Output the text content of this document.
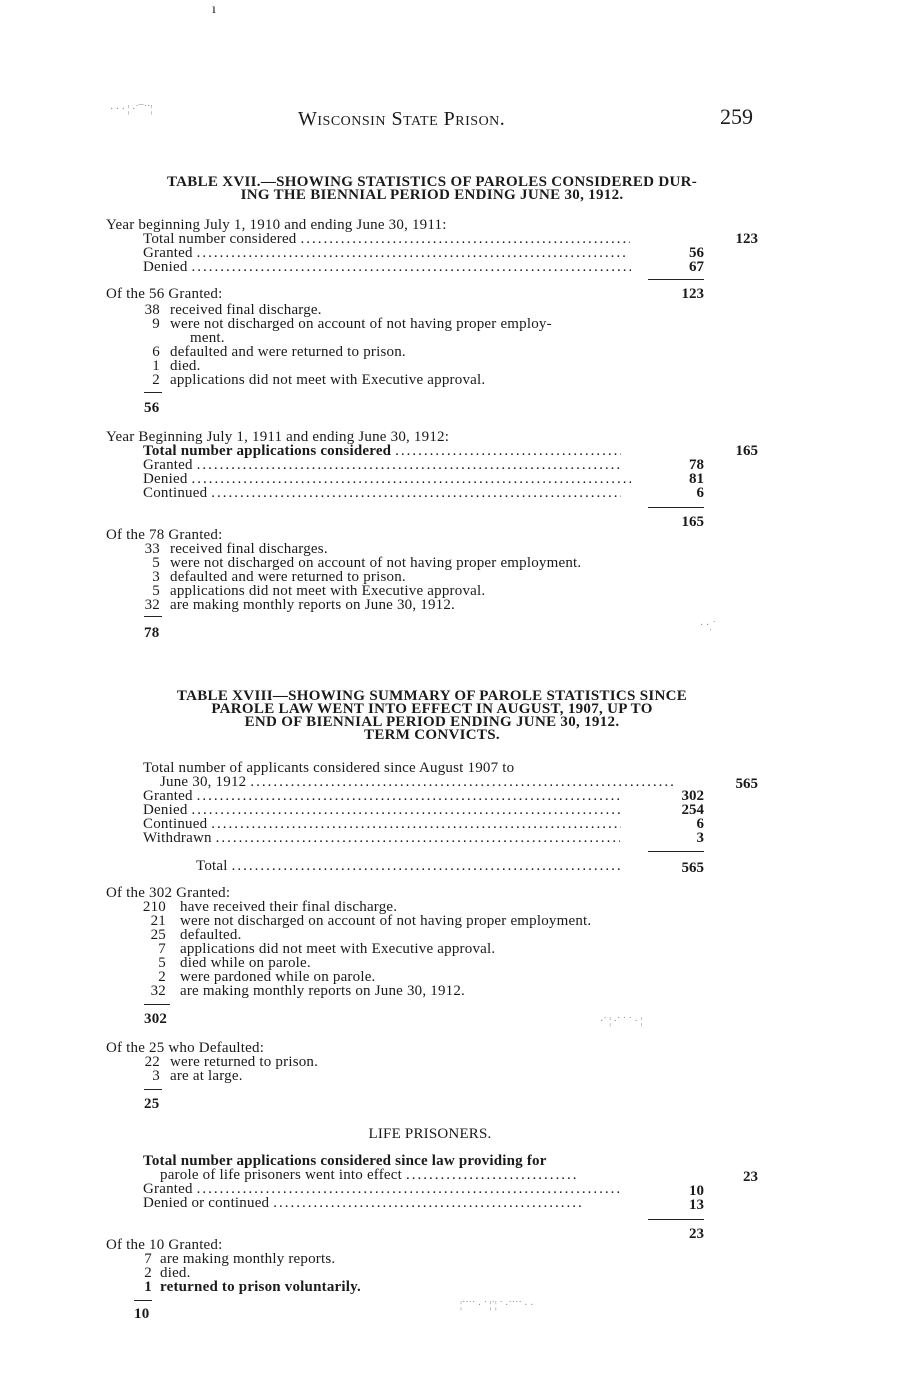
Wisconsin State Prison.	259
TABLE XVII.—SHOWING STATISTICS OF PAROLES CONSIDERED DUR-
ING THE BIENNIAL PERIOD ENDING JUNE 30, 1912.
Year beginning July 1, 1910 and ending June 30, 1911:
Total number considered .....	123
Granted .....	56
Denied .....	67
Of the 56 Granted:	123
38 received final discharge.
9 were not discharged on account of not having proper employ-
ment.
6 defaulted and were returned to prison.
1 died.
2 applications did not meet with Executive approval.
56
Year Beginning July 1, 1911 and ending June 30, 1912:
Total number applications considered .....	165
Granted .....	78
Denied .....	81
Continued .....	6
165
Of the 78 Granted:
33 received final discharges.
5 were not discharged on account of not having proper employment.
3 defaulted and were returned to prison.
5 applications did not meet with Executive approval.
32 are making monthly reports on June 30, 1912.
78
TABLE XVIII—SHOWING SUMMARY OF PAROLE STATISTICS SINCE
PAROLE LAW WENT INTO EFFECT IN AUGUST, 1907, UP TO
END OF BIENNIAL PERIOD ENDING JUNE 30, 1912.
TERM CONVICTS.
Total number of applicants considered since August 1907 to
June 30, 1912 .....	565
Granted .....	302
Denied .....	254
Continued .....	6
Withdrawn .....	3
Total .....	565
Of the 302 Granted:
210 have received their final discharge.
21 were not discharged on account of not having proper employment.
25 defaulted.
7 applications did not meet with Executive approval.
5 died while on parole.
2 were pardoned while on parole.
32 are making monthly reports on June 30, 1912.
302
Of the 25 who Defaulted:
22 were returned to prison.
3 are at large.
25
LIFE PRISONERS.
Total number applications considered since law providing for
parole of life prisoners went into effect .....	23
Granted .....	10
Denied or continued .....	13
23
Of the 10 Granted:
7 are making monthly reports.
2 died.
1 returned to prison voluntarily.
10
ı
· · · ¦ ·˙¯˙˙¦
· ·ˌ˙
·˙ ¦ ·˙ ˙ ˙ · ¦
¦˙˙˙˙ · ˙ ¦˙¦ ˙ ·˙˙˙˙ · ·
